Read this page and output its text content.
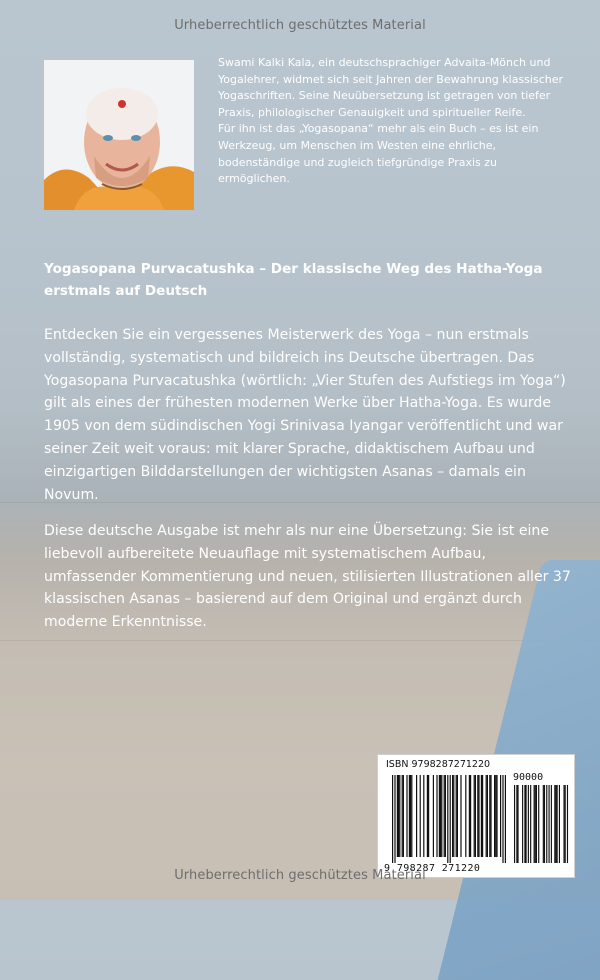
Urheberrechtlich geschütztes Material

Swami Kalki Kala, ein deutschsprachiger Advaita-Mönch und Yogalehrer, widmet sich seit Jahren der Bewahrung klassischer Yogaschriften. Seine Neuübersetzung ist getragen von tiefer Praxis, philologischer Genauigkeit und spiritueller Reife.

Für ihn ist das „Yogasopana“ mehr als ein Buch – es ist ein Werkzeug, um Menschen im Westen eine ehrliche, bodenständige und zugleich tiefgründige Praxis zu ermöglichen.

Yogasopana Purvacatushka – Der klassische Weg des Hatha-Yoga erstmals auf Deutsch

Entdecken Sie ein vergessenes Meisterwerk des Yoga – nun erstmals vollständig, systematisch und bildreich ins Deutsche übertragen. Das Yogasopana Purvacatushka (wörtlich: „Vier Stufen des Aufstiegs im Yoga“) gilt als eines der frühesten modernen Werke über Hatha-Yoga. Es wurde 1905 von dem südindischen Yogi Srinivasa Iyangar veröffentlicht und war seiner Zeit weit voraus: mit klarer Sprache, didaktischem Aufbau und einzigartigen Bilddarstellungen der wichtigsten Asanas – damals ein Novum.

Diese deutsche Ausgabe ist mehr als nur eine Übersetzung: Sie ist eine liebevoll aufbereitete Neuauflage mit systematischem Aufbau, umfassender Kommentierung und neuen, stilisierten Illustrationen aller 37 klassischen Asanas – basierend auf dem Original und ergänzt durch moderne Erkenntnisse.

ISBN 9798287271220
90000
9 798287 271220
Urheberrechtlich geschütztes Material
